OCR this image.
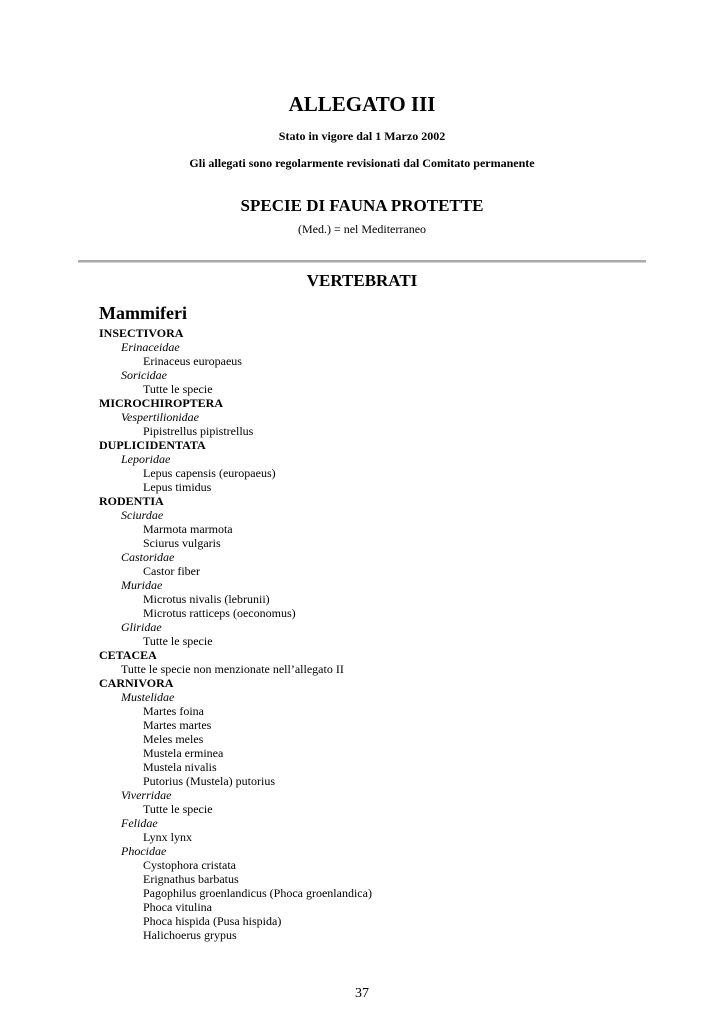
ALLEGATO III
Stato in vigore dal 1 Marzo 2002
Gli allegati sono regolarmente revisionati dal Comitato permanente
SPECIE DI FAUNA PROTETTE
(Med.) = nel Mediterraneo
VERTEBRATI
Mammiferi
INSECTIVORA
Erinaceidae
Erinaceus europaeus
Soricidae
Tutte le specie
MICROCHIROPTERA
Vespertilionidae
Pipistrellus pipistrellus
DUPLICIDENTATA
Leporidae
Lepus capensis (europaeus)
Lepus timidus
RODENTIA
Sciurdae
Marmota marmota
Sciurus vulgaris
Castoridae
Castor fiber
Muridae
Microtus nivalis (lebrunii)
Microtus ratticeps (oeconomus)
Gliridae
Tutte le specie
CETACEA
Tutte le specie non menzionate nell’allegato II
CARNIVORA
Mustelidae
Martes foina
Martes martes
Meles meles
Mustela erminea
Mustela nivalis
Putorius (Mustela) putorius
Viverridae
Tutte le specie
Felidae
Lynx lynx
Phocidae
Cystophora cristata
Erignathus barbatus
Pagophilus groenlandicus (Phoca groenlandica)
Phoca vitulina
Phoca hispida (Pusa hispida)
Halichoerus grypus
37
